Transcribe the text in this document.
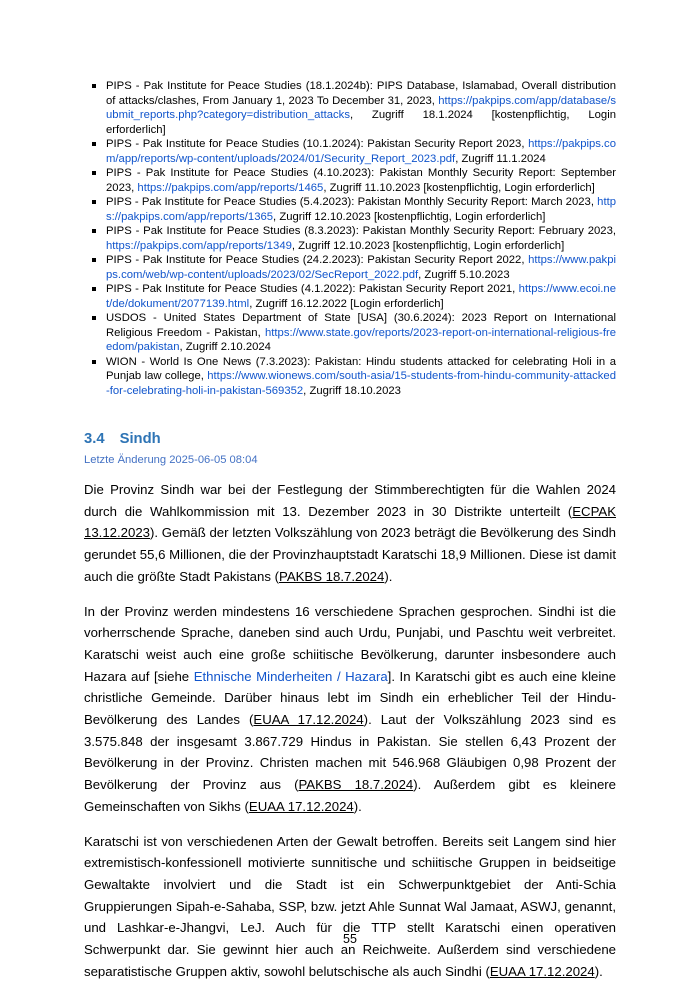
PIPS - Pak Institute for Peace Studies (18.1.2024b): PIPS Database, Islamabad, Overall distribution of attacks/clashes, From January 1, 2023 To December 31, 2023, https://pakpips.com/app/database/submit_reports.php?category=distribution_attacks, Zugriff 18.1.2024 [kostenpflichtig, Login erforderlich]
PIPS - Pak Institute for Peace Studies (10.1.2024): Pakistan Security Report 2023, https://pakpips.com/app/reports/wp-content/uploads/2024/01/Security_Report_2023.pdf, Zugriff 11.1.2024
PIPS - Pak Institute for Peace Studies (4.10.2023): Pakistan Monthly Security Report: September 2023, https://pakpips.com/app/reports/1465, Zugriff 11.10.2023 [kostenpflichtig, Login erforderlich]
PIPS - Pak Institute for Peace Studies (5.4.2023): Pakistan Monthly Security Report: March 2023, https://pakpips.com/app/reports/1365, Zugriff 12.10.2023 [kostenpflichtig, Login erforderlich]
PIPS - Pak Institute for Peace Studies (8.3.2023): Pakistan Monthly Security Report: February 2023, https://pakpips.com/app/reports/1349, Zugriff 12.10.2023 [kostenpflichtig, Login erforderlich]
PIPS - Pak Institute for Peace Studies (24.2.2023): Pakistan Security Report 2022, https://www.pakpips.com/web/wp-content/uploads/2023/02/SecReport_2022.pdf, Zugriff 5.10.2023
PIPS - Pak Institute for Peace Studies (4.1.2022): Pakistan Security Report 2021, https://www.ecoi.net/de/dokument/2077139.html, Zugriff 16.12.2022 [Login erforderlich]
USDOS - United States Department of State [USA] (30.6.2024): 2023 Report on International Religious Freedom - Pakistan, https://www.state.gov/reports/2023-report-on-international-religious-freedom/pakistan, Zugriff 2.10.2024
WION - World Is One News (7.3.2023): Pakistan: Hindu students attacked for celebrating Holi in a Punjab law college, https://www.wionews.com/south-asia/15-students-from-hindu-community-attacked-for-celebrating-holi-in-pakistan-569352, Zugriff 18.10.2023
3.4 Sindh
Letzte Änderung 2025-06-05 08:04

Die Provinz Sindh war bei der Festlegung der Stimmberechtigten für die Wahlen 2024 durch die Wahlkommission mit 13. Dezember 2023 in 30 Distrikte unterteilt (ECPAK 13.12.2023). Gemäß der letzten Volkszählung von 2023 beträgt die Bevölkerung des Sindh gerundet 55,6 Millionen, die der Provinzhauptstadt Karatschi 18,9 Millionen. Diese ist damit auch die größte Stadt Pakistans (PAKBS 18.7.2024).

In der Provinz werden mindestens 16 verschiedene Sprachen gesprochen. Sindhi ist die vorherrschende Sprache, daneben sind auch Urdu, Punjabi, und Paschtu weit verbreitet. Karatschi weist auch eine große schiitische Bevölkerung, darunter insbesondere auch Hazara auf [siehe Ethnische Minderheiten / Hazara]. In Karatschi gibt es auch eine kleine christliche Gemeinde. Darüber hinaus lebt im Sindh ein erheblicher Teil der Hindu-Bevölkerung des Landes (EUAA 17.12.2024). Laut der Volkszählung 2023 sind es 3.575.848 der insgesamt 3.867.729 Hindus in Pakistan. Sie stellen 6,43 Prozent der Bevölkerung in der Provinz. Christen machen mit 546.968 Gläubigen 0,98 Prozent der Bevölkerung der Provinz aus (PAKBS 18.7.2024). Außerdem gibt es kleinere Gemeinschaften von Sikhs (EUAA 17.12.2024).

Karatschi ist von verschiedenen Arten der Gewalt betroffen. Bereits seit Langem sind hier extremistisch-konfessionell motivierte sunnitische und schiitische Gruppen in beidseitige Gewaltakte involviert und die Stadt ist ein Schwerpunktgebiet der Anti-Schia Gruppierungen Sipah-e-Sahaba, SSP, bzw. jetzt Ahle Sunnat Wal Jamaat, ASWJ, genannt, und Lashkar-e-Jhangvi, LeJ. Auch für die TTP stellt Karatschi einen operativen Schwerpunkt dar. Sie gewinnt hier auch an Reichweite. Außerdem sind verschiedene separatistische Gruppen aktiv, sowohl belutschische als auch Sindhi (EUAA 17.12.2024).

55
